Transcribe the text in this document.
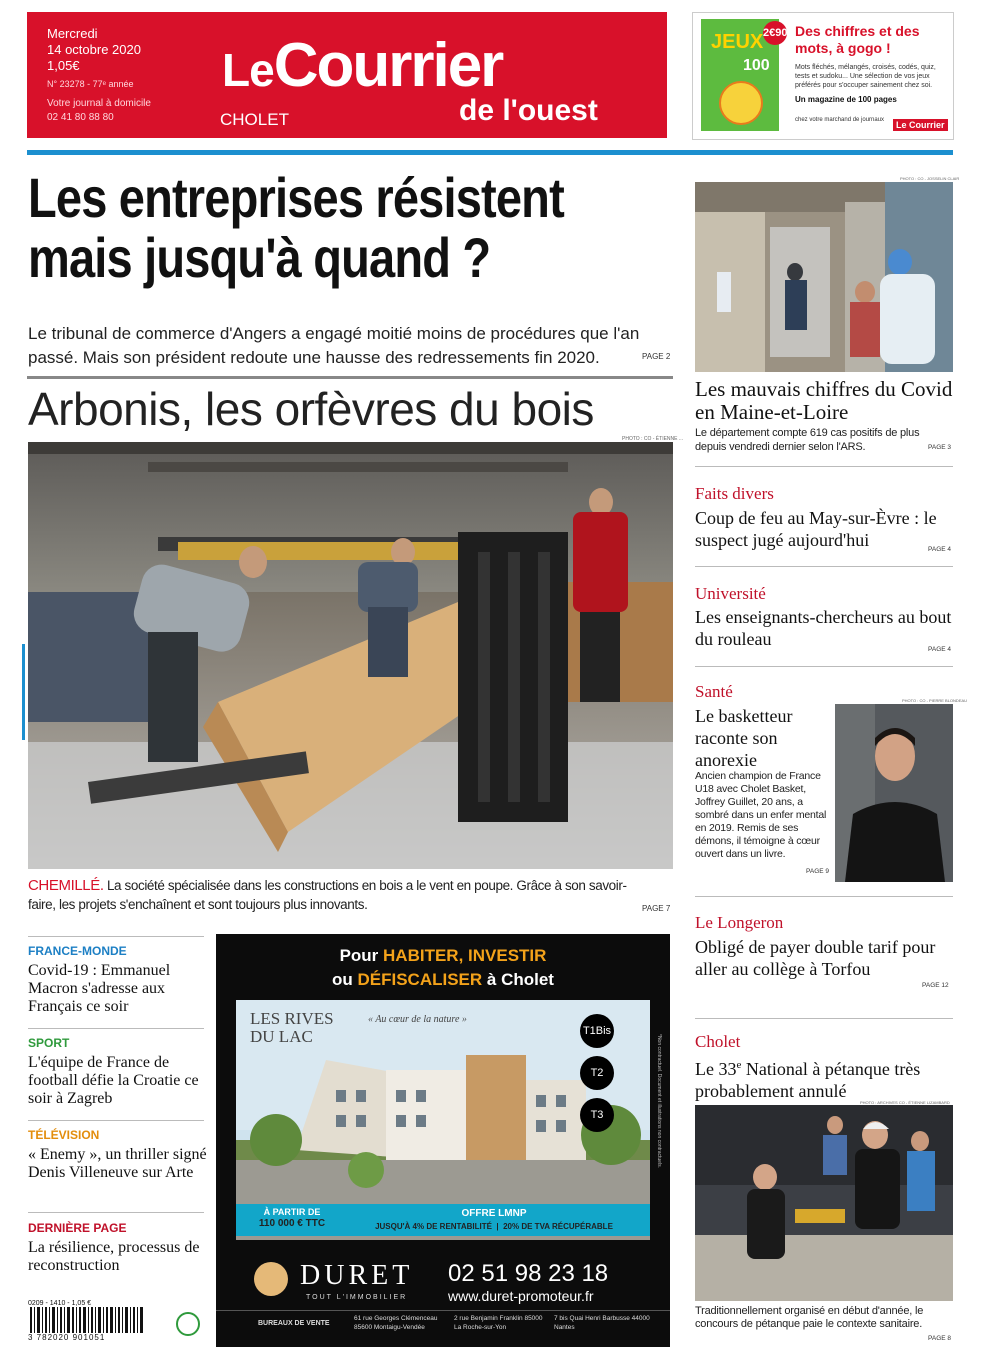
Mercredi
14 octobre 2020
1,05€
N° 23278 - 77ᵉ année
Votre journal à domicile
02 41 80 88 80
LeCourrier
de l'ouest
CHOLET
JEUX
100
2€90 Des chiffres et des mots, à gogo !
Mots fléchés, mélangés, croisés, codés, quiz, tests et sudoku... Une sélection de vos jeux préférés pour s'occuper sainement chez soi.
Un magazine de 100 pages
chez votre marchand de journaux	Le Courrier
Les entreprises résistent
mais jusqu'à quand ?
Le tribunal de commerce d'Angers a engagé moitié moins de procédures que l'an passé. Mais son président redoute une hausse des redressements fin 2020.	PAGE 2
Arbonis, les orfèvres du bois
PHOTO : CO - ÉTIENNE ...
CHEMILLÉ. La société spécialisée dans les constructions en bois a le vent en poupe. Grâce à son savoir-faire, les projets s'enchaînent et sont toujours plus innovants.	PAGE 7
FRANCE-MONDE
Covid-19 : Emmanuel Macron s'adresse aux Français ce soir
SPORT
L'équipe de France de football défie la Croatie ce soir à Zagreb
TÉLÉVISION
« Enemy », un thriller signé Denis Villeneuve sur Arte
DERNIÈRE PAGE
La résilience, processus de reconstruction
0209 - 1410 - 1,05 €
3 782020 901051
Pour HABITER, INVESTIR
ou DÉFISCALISER à Cholet
LES RIVES DU LAC
« Au cœur de la nature »
T1Bis
T2
T3
À PARTIR DE
110 000 € TTC
OFFRE LMNP
JUSQU'À 4% DE RENTABILITÉ  |  20% DE TVA RÉCUPÉRABLE
*Non contractuel. Document et illustrations non contractuels.
DURET
TOUT L'IMMOBILIER
02 51 98 23 18
www.duret-promoteur.fr
BUREAUX DE VENTE
61 rue Georges Clémenceau 85600 Montaigu-Vendée
2 rue Benjamin Franklin 85000 La Roche-sur-Yon
7 bis Quai Henri Barbusse 44000 Nantes
PHOTO : CO - JOSSELIN CLAIR
Les mauvais chiffres du Covid en Maine-et-Loire
Le département compte 619 cas positifs de plus depuis vendredi dernier selon l'ARS.	PAGE 3
Faits divers
Coup de feu au May-sur-Èvre : le suspect jugé aujourd'hui	PAGE 4
Université
Les enseignants-chercheurs au bout du rouleau
PAGE 4
Santé	PHOTO : CO - PIERRE BLONDEAU
Le basketteur raconte son anorexie
Ancien champion de France U18 avec Cholet Basket, Joffrey Guillet, 20 ans, a sombré dans un enfer mental en 2019. Remis de ses démons, il témoigne à cœur ouvert dans un livre.
PAGE 9
Le Longeron
Obligé de payer double tarif pour aller au collège à Torfou
PAGE 12
Cholet
Le 33e National à pétanque très probablement annulé
PHOTO : ARCHIVES CO - ÉTIENNE LIZAMBARD
Traditionnellement organisé en début d'année, le concours de pétanque paie le contexte sanitaire.
PAGE 8
